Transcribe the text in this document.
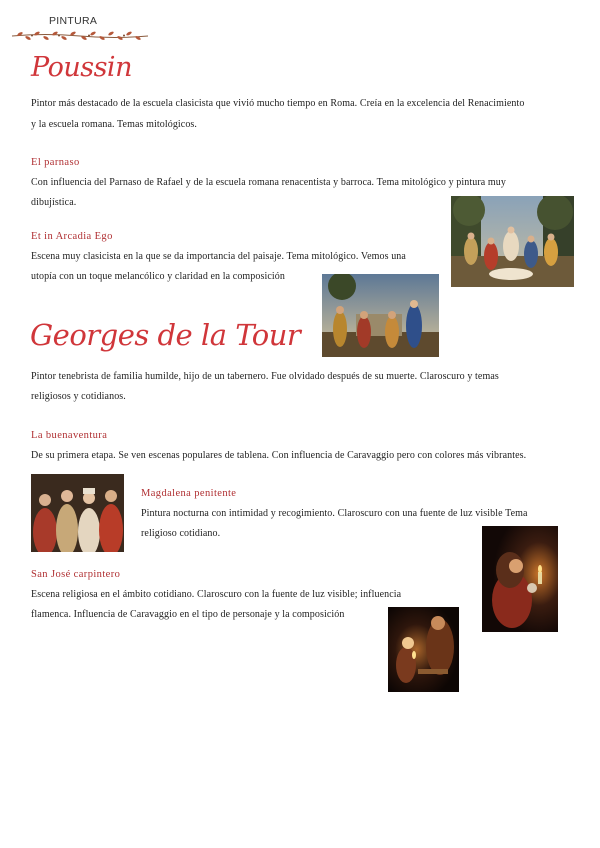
PINTURA
Poussin
Pintor más destacado de la escuela clasicista que vivió mucho tiempo en Roma. Creía en la excelencia del Renacimiento
y la escuela romana. Temas mitológicos.
El parnaso
Con influencia del Parnaso de Rafael y de la escuela romana renacentista y barroca. Tema mitológico y pintura muy
dibujística.
Et in Arcadia Ego
Escena muy clasicista en la que se da importancia del paisaje. Tema mitológico. Vemos una
utopía con un toque melancólico y claridad en la composición
Georges de la Tour
Pintor tenebrista de familia humilde, hijo de un tabernero. Fue olvidado después de su muerte. Claroscuro y temas
religiosos y cotidianos.
La buenaventura
De su primera etapa. Se ven escenas populares de tablena. Con influencia de Caravaggio pero con colores más vibrantes.
Magdalena penitente
Pintura nocturna con intimidad y recogimiento. Claroscuro con una fuente de luz visible Tema
religioso cotidiano.
San José carpintero
Escena religiosa en el ámbito cotidiano. Claroscuro con la fuente de luz visible; influencia
flamenca. Influencia de Caravaggio en el tipo de personaje y la composición
